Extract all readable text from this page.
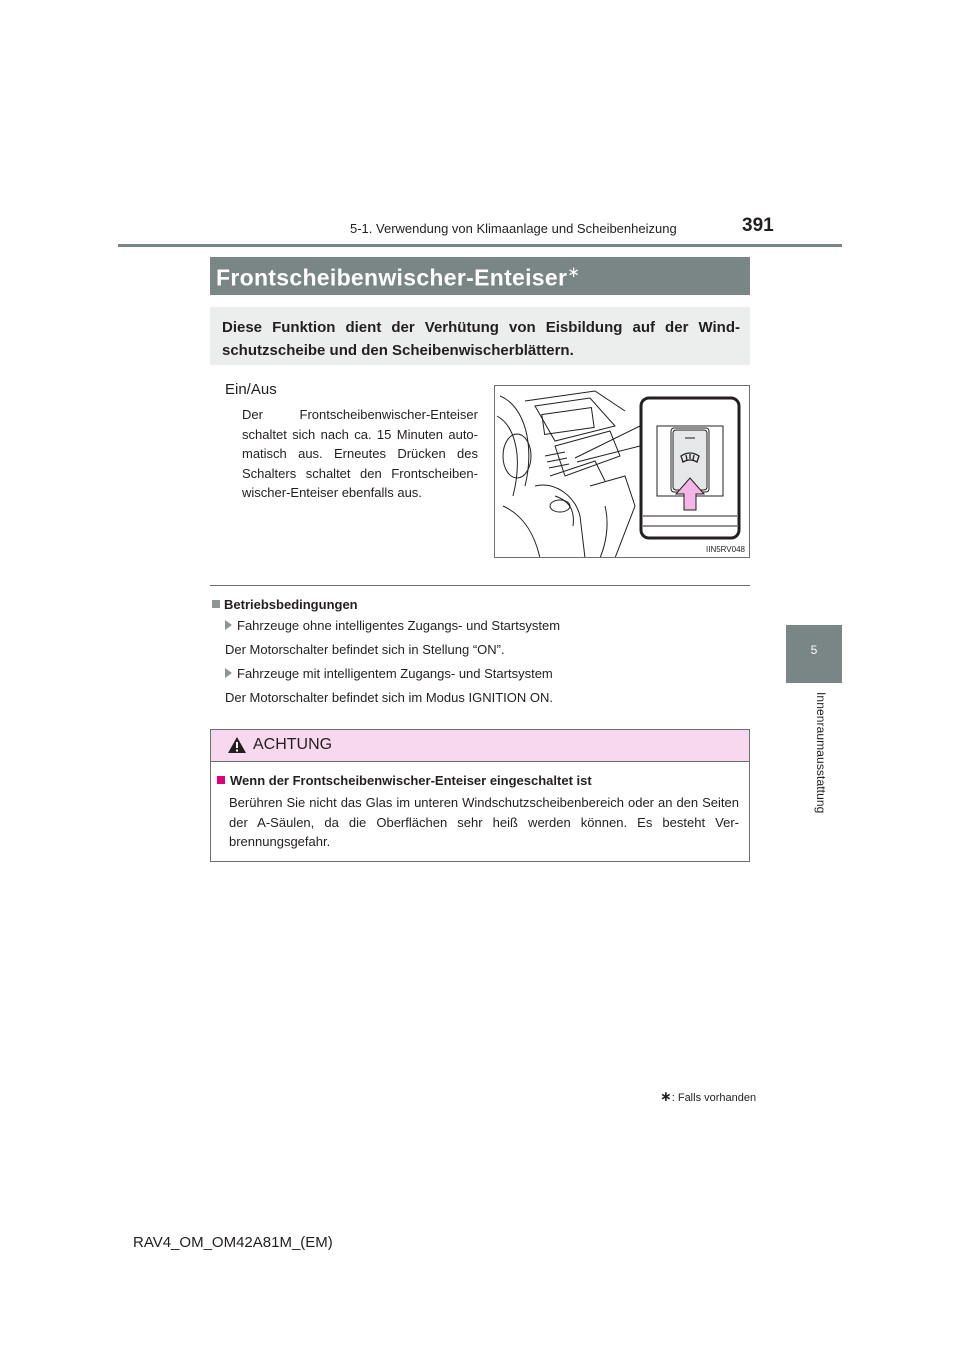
5-1. Verwendung von Klimaanlage und Scheibenheizung	391
5
Innenraumausstattung
Frontscheibenwischer-Enteiser∗
Diese Funktion dient der Verhütung von Eisbildung auf der Wind-schutzscheibe und den Scheibenwischerblättern.
Ein/Aus
Der Frontscheibenwischer-Enteiser schaltet sich nach ca. 15 Minuten auto-matisch aus. Erneutes Drücken des Schalters schaltet den Frontscheiben-wischer-Enteiser ebenfalls aus.
IIN5RV048
Betriebsbedingungen
Fahrzeuge ohne intelligentes Zugangs- und Startsystem
Der Motorschalter befindet sich in Stellung “ON”.
Fahrzeuge mit intelligentem Zugangs- und Startsystem
Der Motorschalter befindet sich im Modus IGNITION ON.
ACHTUNG
Wenn der Frontscheibenwischer-Enteiser eingeschaltet ist
Berühren Sie nicht das Glas im unteren Windschutzscheibenbereich oder an den Seiten der A-Säulen, da die Oberflächen sehr heiß werden können. Es besteht Ver-brennungsgefahr.
∗: Falls vorhanden
RAV4_OM_OM42A81M_(EM)
